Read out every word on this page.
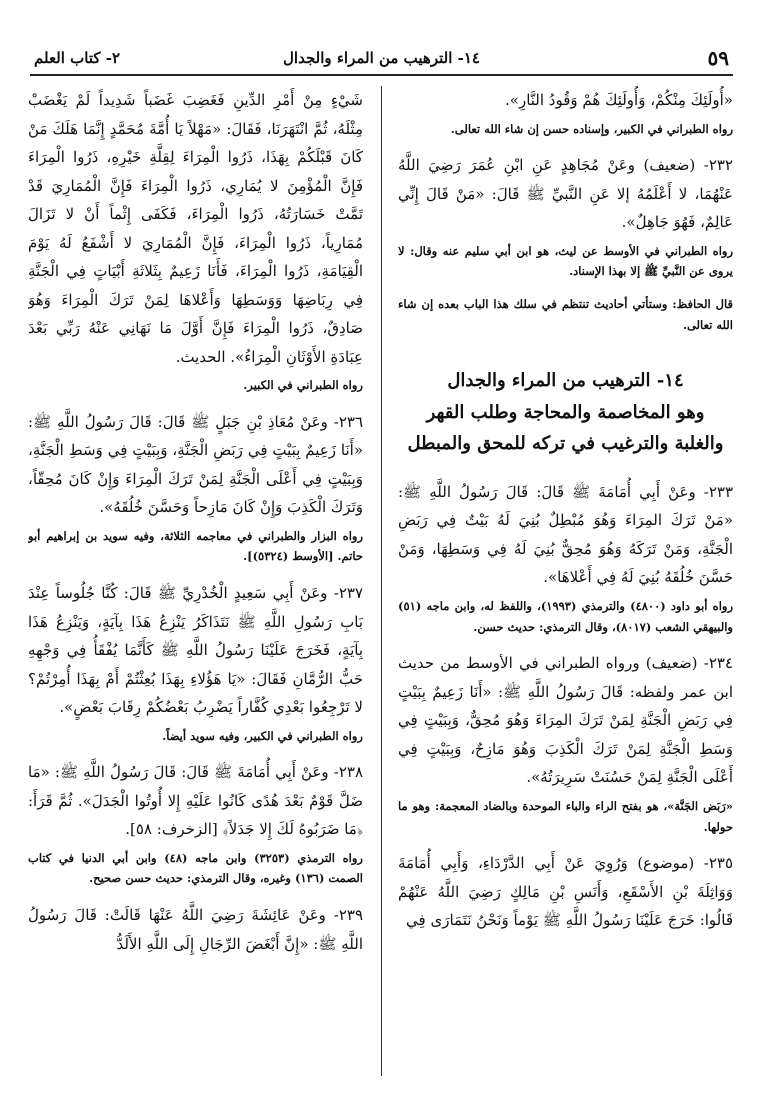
٥٩
١٤- الترهيب من المراء والجدال
٢- كتاب العلم

«أُولَئِكَ مِنْكُمْ، وَأُولَئِكَ هُمْ وَقُودُ النَّارِ».

رواه الطبراني في الكبير، وإسناده حسن إن شاء الله تعالى.

٢٣٢- (ضعيف) وعَنْ مُجَاهِدٍ عَنِ ابْنِ عُمَرَ رَضِيَ اللَّهُ عَنْهُمَا، لا أَعْلَمُهُ إلا عَنِ النَّبيِّ ﷺ قَالَ: «مَنْ قَالَ إِنِّي عَالِمٌ، فَهُوَ جَاهِلٌ».

رواه الطبراني في الأوسط عن ليث، هو ابن أبي سليم عنه وقال: لا يروى عن النَّبيِّ ﷺ إلا بهذا الإسناد.

قال الحافظ: وستأتي أحاديث تنتظم في سلك هذا الباب بعده إن شاء الله تعالى.

١٤- الترهيب من المراء والجدال
وهو المخاصمة والمحاجة وطلب القهر
والغلبة والترغيب في تركه للمحق والمبطل

٢٣٣- وعَنْ أَبِي أُمَامَةَ ﷺ قَالَ: قَالَ رَسُولُ اللَّهِ ﷺ: «مَنْ تَرَكَ المِرَاءَ وَهُوَ مُبْطِلٌ بُنِيَ لَهُ بَيْتٌ فِي رَبَضِ الْجَنَّةِ، وَمَنْ تَرَكَهُ وَهُوَ مُحِقٌّ بُنِيَ لَهُ فِي وَسَطِهَا، وَمَنْ حَسَّنَ خُلُقَهُ بُنِيَ لَهُ فِي أَعْلاهَا».

رواه أبو داود (٤٨٠٠) والترمذي (١٩٩٣)، واللفظ له، وابن ماجه (٥١) والبيهقي الشعب (٨٠١٧)، وقال الترمذي: حديث حسن.

٢٣٤- (ضعيف) ورواه الطبراني في الأوسط من حديث ابن عمر ولفظه: قَالَ رَسُولُ اللَّهِ ﷺ: «أَنَا زَعِيمٌ بِبَيْتٍ فِي رَبَضِ الْجَنَّةِ لِمَنْ تَرَكَ المِرَاءَ وَهُوَ مُحِقٌّ، وَبِبَيْتٍ فِي وَسَطِ الْجَنَّةِ لِمَنْ تَرَكَ الْكَذِبَ وَهُوَ مَازِحٌ، وَبِبَيْتٍ فِي أَعْلَى الْجَنَّةِ لِمَنْ حَسُنَتْ سَرِيرَتُهُ».

«رَبَض الجَنَّة»، هو بفتح الراء والباء الموحدة وبالضاد المعجمة: وهو ما حولها.

٢٣٥- (موضوع) وَرُوِيَ عَنْ أَبِي الدَّرْدَاءِ، وَأَبِي أُمَامَةَ وَوَاثِلَةَ بْنِ الأَسْقَعِ، وَأَنَسِ بْنِ مَالِكٍ رَضِيَ اللَّهُ عَنْهُمْ قَالُوا: خَرَجَ عَلَيْنَا رَسُولُ اللَّهِ ﷺ يَوْماً وَنَحْنُ نَتَمَارَى فِي

شَيْءٍ مِنْ أَمْرِ الدِّينِ فَغَضِبَ غَضَباً شَدِيداً لَمْ يَغْضَبْ مِثْلَهُ، ثُمَّ انْتَهَرَنَا، فَقَالَ: «مَهْلاً يَا أُمَّةَ مُحَمَّدٍ إِنَّمَا هَلَكَ مَنْ كَانَ قَبْلَكُمْ بِهَذَا، ذَرُوا الْمِرَاءَ لِقِلَّةِ خَيْرِهِ، ذَرُوا الْمِرَاءَ فَإِنَّ الْمُؤْمِنَ لا يُمَارِي، ذَرُوا الْمِرَاءَ فَإِنَّ الْمُمَارِيَ قَدْ تَمَّتْ خَسَارَتُهُ، ذَرُوا الْمِرَاءَ، فَكَفَى إِثْماً أَنْ لا تَزَالَ مُمَارِياً، ذَرُوا الْمِرَاءَ، فَإِنَّ الْمُمَارِيَ لا أَشْفَعُ لَهُ يَوْمَ الْقِيَامَةِ، ذَرُوا الْمِرَاءَ، فَأَنَا زَعِيمٌ بِثَلاثَةِ أَبْيَاتٍ فِي الْجَنَّةِ فِي رِبَاضِهَا وَوَسَطِهَا وَأَعْلاهَا لِمَنْ تَرَكَ الْمِرَاءَ وَهُوَ صَادِقٌ، ذَرُوا الْمِرَاءَ فَإِنَّ أَوَّلَ مَا نَهَانِي عَنْهُ رَبِّي بَعْدَ عِبَادَةِ الأَوْثَانِ الْمِرَاءُ». الحديث.

رواه الطبراني في الكبير.

٢٣٦- وعَنْ مُعَاذِ بْنِ جَبَلٍ ﷺ قَالَ: قَالَ رَسُولُ اللَّهِ ﷺ: «أَنَا زَعِيمٌ بِبَيْتٍ فِي رَبَضِ الْجَنَّةِ، وَبِبَيْتٍ فِي وَسَطِ الْجَنَّةِ، وَبِبَيْتٍ فِي أَعْلَى الْجَنَّةِ لِمَنْ تَرَكَ الْمِرَاءَ وَإِنْ كَانَ مُحِقّاً، وَتَرَكَ الْكَذِبَ وَإِنْ كَانَ مَازِحاً وَحَسَّنَ خُلُقَهُ».

رواه البزار والطبراني في معاجمه الثلاثة، وفيه سويد بن إبراهيم أبو حاتم. [الأوسط (٥٣٢٤)].

٢٣٧- وعَنْ أَبِي سَعِيدٍ الْخُدْرِيِّ ﷺ قَالَ: كُنَّا جُلُوساً عِنْدَ بَابِ رَسُولِ اللَّهِ ﷺ نَتَذَاكَرُ يَنْزِعُ هَذَا بِآيَةٍ، وَيَنْزِعُ هَذَا بِآيَةٍ، فَخَرَجَ عَلَيْنَا رَسُولُ اللَّهِ ﷺ كَأَنَّمَا يُفْقَأُ فِي وَجْهِهِ حَبُّ الرُّمَّانِ فَقَالَ: «يَا هَؤُلاءِ بِهَذَا بُعِثْتُمْ أَمْ بِهَذَا أُمِرْتُمْ؟ لا تَرْجِعُوا بَعْدِي كُفَّاراً يَضْرِبُ بَعْضُكُمْ رِقَابَ بَعْضٍ».

رواه الطبراني في الكبير، وفيه سويد أيضاً.

٢٣٨- وعَنْ أَبِي أُمَامَةَ ﷺ قَالَ: قَالَ رَسُولُ اللَّهِ ﷺ: «مَا ضَلَّ قَوْمٌ بَعْدَ هُدًى كَانُوا عَلَيْهِ إِلا أُوتُوا الْجَدَلَ». ثُمَّ قَرَأَ: ﴿مَا ضَرَبُوهُ لَكَ إِلا جَدَلاً﴾ [الزخرف: ٥٨].

رواه الترمذي (٣٢٥٣) وابن ماجه (٤٨) وابن أبي الدنيا في كتاب الصمت (١٣٦) وغيره، وقال الترمذي: حديث حسن صحيح.

٢٣٩- وعَنْ عَائِشَةَ رَضِيَ اللَّهُ عَنْهَا قَالَتْ: قَالَ رَسُولُ اللَّهِ ﷺ: «إِنَّ أَبْغَضَ الرِّجَالِ إِلَى اللَّهِ الأَلَدُّ
